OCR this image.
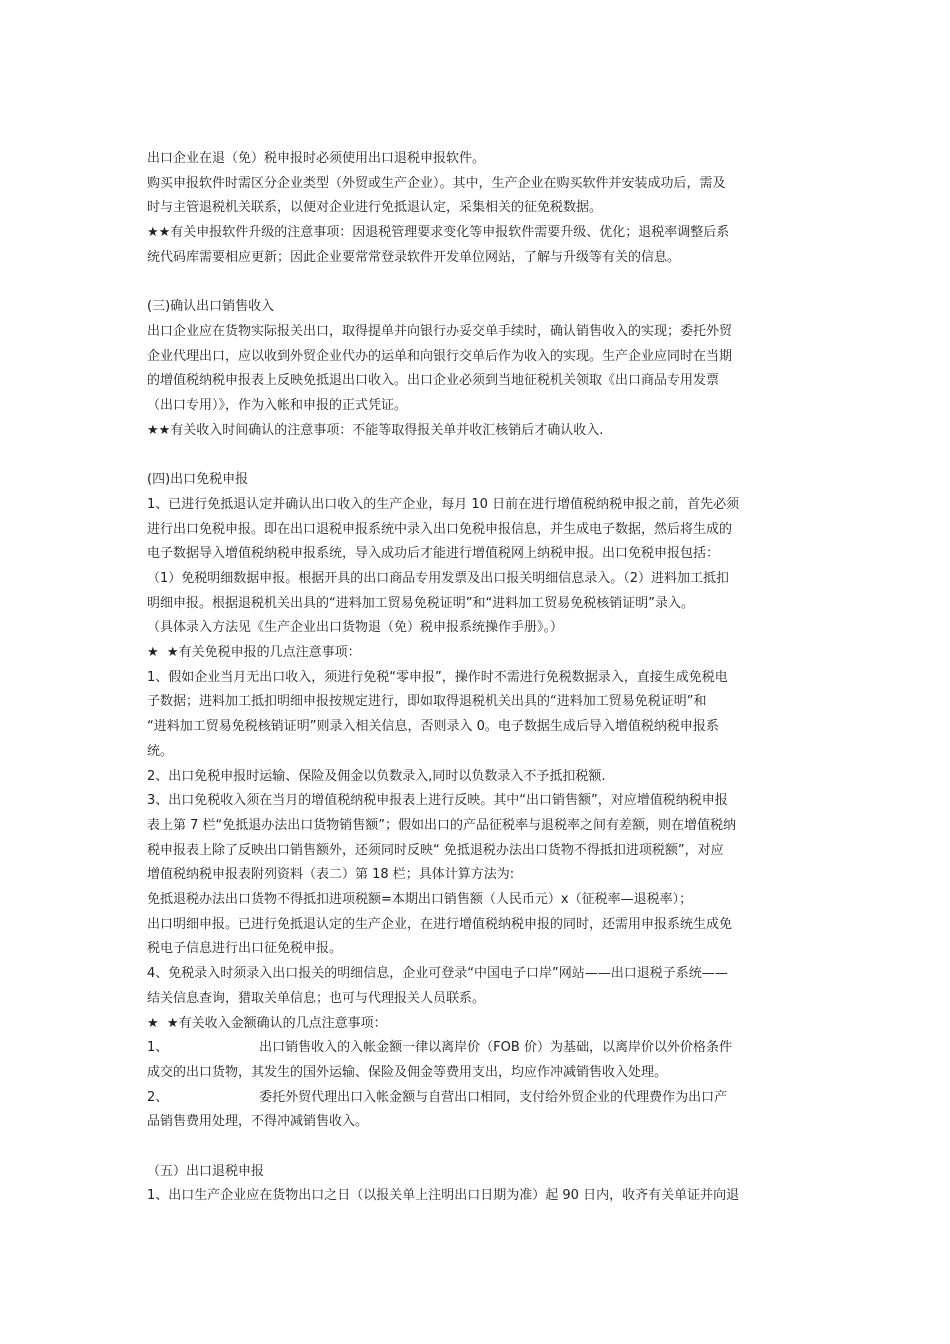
出口企业在退（免）税申报时必须使用出口退税申报软件。

购买申报软件时需区分企业类型（外贸或生产企业）。其中，生产企业在购买软件并安装成功后，需及

时与主管退税机关联系，以便对企业进行免抵退认定，采集相关的征免税数据。

★★有关申报软件升级的注意事项：因退税管理要求变化等申报软件需要升级、优化；退税率调整后系

统代码库需要相应更新；因此企业要常常登录软件开发单位网站，了解与升级等有关的信息。

(三)确认出口销售收入

出口企业应在货物实际报关出口，取得提单并向银行办妥交单手续时，确认销售收入的实现；委托外贸

企业代理出口，应以收到外贸企业代办的运单和向银行交单后作为收入的实现。生产企业应同时在当期

的增值税纳税申报表上反映免抵退出口收入。出口企业必须到当地征税机关领取《出口商品专用发票

（出口专用）》，作为入帐和申报的正式凭证。

★★有关收入时间确认的注意事项：不能等取得报关单并收汇核销后才确认收入.

(四)出口免税申报

1、已进行免抵退认定并确认出口收入的生产企业，每月 10 日前在进行增值税纳税申报之前，首先必须

进行出口免税申报。即在出口退税申报系统中录入出口免税申报信息，并生成电子数据，然后将生成的

电子数据导入增值税纳税申报系统，导入成功后才能进行增值税网上纳税申报。出口免税申报包括：

（1）免税明细数据申报。根据开具的出口商品专用发票及出口报关明细信息录入。（2）进料加工抵扣

明细申报。根据退税机关出具的“进料加工贸易免税证明”和“进料加工贸易免税核销证明”录入。

（具体录入方法见《生产企业出口货物退（免）税申报系统操作手册》。）

★  ★有关免税申报的几点注意事项：

1、假如企业当月无出口收入，须进行免税“零申报”，操作时不需进行免税数据录入，直接生成免税电

子数据；进料加工抵扣明细申报按规定进行，即如取得退税机关出具的“进料加工贸易免税证明”和

“进料加工贸易免税核销证明”则录入相关信息，否则录入 0。电子数据生成后导入增值税纳税申报系

统。

2、出口免税申报时运输、保险及佣金以负数录入,同时以负数录入不予抵扣税额.

3、出口免税收入须在当月的增值税纳税申报表上进行反映。其中“出口销售额”，对应增值税纳税申报

表上第 7 栏“免抵退办法出口货物销售额”；假如出口的产品征税率与退税率之间有差额，则在增值税纳

税申报表上除了反映出口销售额外，还须同时反映“ 免抵退税办法出口货物不得抵扣进项税额”，对应

增值税纳税申报表附列资料（表二）第 18 栏；具体计算方法为:

免抵退税办法出口货物不得抵扣进项税额=本期出口销售额（人民币元）x（征税率—退税率）；

出口明细申报。已进行免抵退认定的生产企业，在进行增值税纳税申报的同时，还需用申报系统生成免

税电子信息进行出口征免税申报。

4、免税录入时须录入出口报关的明细信息，企业可登录“中国电子口岸”网站——出口退税子系统——

结关信息查询，猎取关单信息；也可与代理报关人员联系。

★  ★有关收入金额确认的几点注意事项：

1、                      出口销售收入的入帐金额一律以离岸价（FOB 价）为基础，以离岸价以外价格条件

成交的出口货物，其发生的国外运输、保险及佣金等费用支出，均应作冲减销售收入处理。

2、                      委托外贸代理出口入帐金额与自营出口相同，支付给外贸企业的代理费作为出口产

品销售费用处理，不得冲减销售收入。

（五）出口退税申报

1、出口生产企业应在货物出口之日（以报关单上注明出口日期为准）起 90 日内，收齐有关单证并向退
